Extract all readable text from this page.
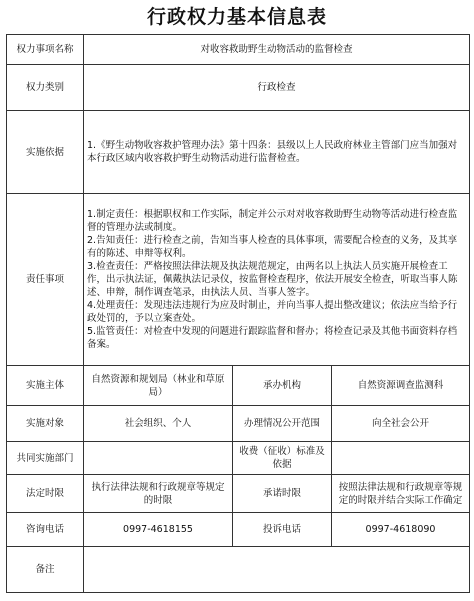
行政权力基本信息表
权力事项名称	对收容救助野生动物活动的监督检查		
权力类别	行政检查		
实施依据	1.《野生动物收容救护管理办法》第十四条：县级以上人民政府林业主管部门应当加强对本行政区域内收容救护野生动物活动进行监督检查。		
责任事项	1.制定责任：根据职权和工作实际，制定并公示对对收容救助野生动物等活动进行检查监督的管理办法或制度。
2.告知责任：进行检查之前，告知当事人检查的具体事项，需要配合检查的义务，及其享有的陈述、申辩等权利。
3.检查责任：严格按照法律法规及执法规范规定，由两名以上执法人员实施开展检查工作，出示执法证，佩戴执法记录仪，按监督检查程序，依法开展安全检查，听取当事人陈述、申辩，制作调查笔录，由执法人员、当事人签字。
4.处理责任：发现违法违规行为应及时制止，并向当事人提出整改建议；依法应当给予行政处罚的，予以立案查处。
5.监管责任：对检查中发现的问题进行跟踪监督和督办；将检查记录及其他书面资料存档备案。		

实施主体	自然资源和规划局（林业和草原局）	承办机构	自然资源调查监测科
实施对象	社会组织、个人	办理情况公开范围	向全社会公开
共同实施部门		收费（征收）标准及依据	
法定时限	执行法律法规和行政规章等规定的时限	承诺时限	按照法律法规和行政规章等规定的时限并结合实际工作确定
咨询电话	0997-4618155	投诉电话	0997-4618090
备注			
